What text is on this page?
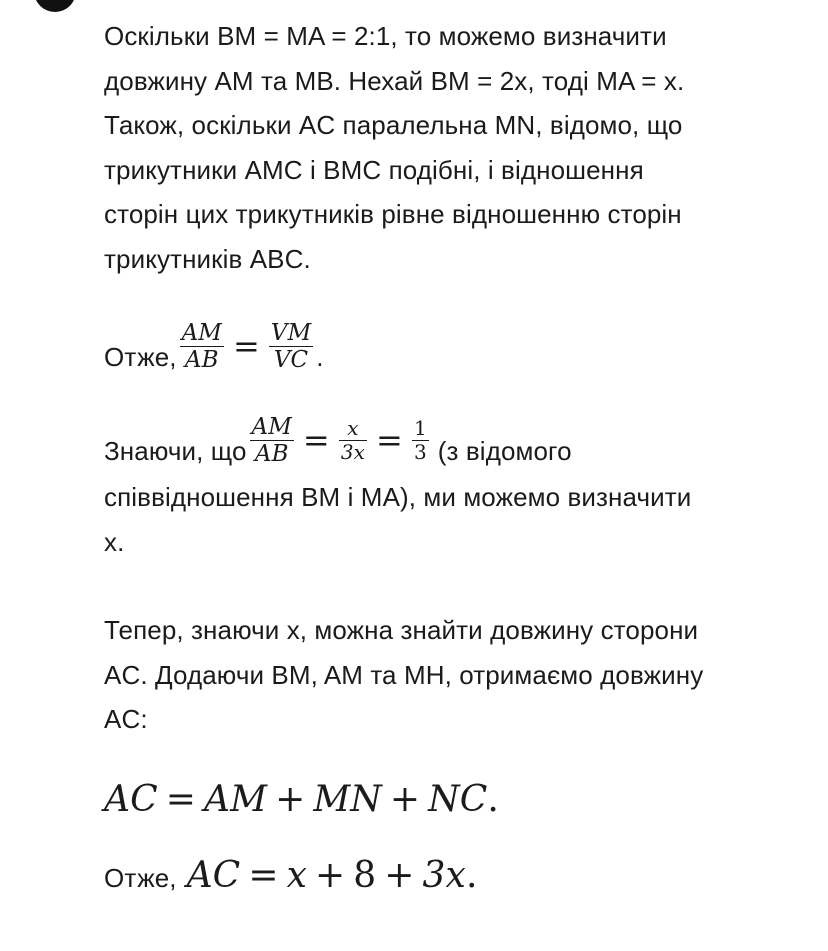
Оскільки BM = MA = 2:1, то можемо визначити
довжину AM та MB. Нехай BM = 2x, тоді MA = x.
Також, оскільки AC паралельна MN, відомо, що
трикутники AMC і BMC подібні, і відношення
сторін цих трикутників рівне відношенню сторін
трикутників ABC.
Отже, $\frac{AM}{AB} = \frac{VM}{VC}$ .
Знаючи, що $\frac{AM}{AB} = \frac{x}{3x} = \frac{1}{3} (з$ відомого
співвідношення BM і MA), ми можемо визначити
x.
Тепер, знаючи x, можна знайти довжину сторони
AC. Додаючи BM, AM та MH, отримаємо довжину
AC:
AC = AM + MN + NC.
Отже, AC = x + 8 + 3x.
